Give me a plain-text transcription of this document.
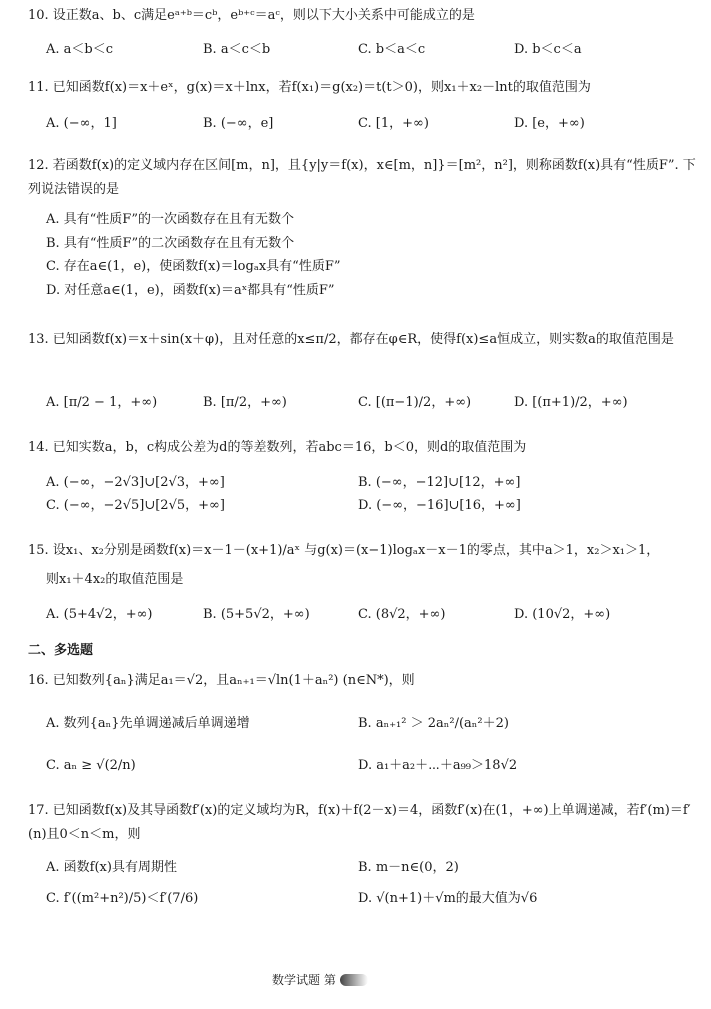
10. 设正数a、b、c满足eᵃ⁺ᵇ＝cᵇ，eᵇ⁺ᶜ＝aᶜ，则以下大小关系中可能成立的是
A. a＜b＜c	B. a＜c＜b	C. b＜a＜c	D. b＜c＜a
11. 已知函数f(x)＝x＋eˣ，g(x)＝x＋lnx，若f(x₁)＝g(x₂)＝t(t＞0)，则x₁＋x₂－lnt的取值范围为
A. (−∞，1]	B. (−∞，e]	C. [1，+∞)	D. [e，+∞)
12. 若函数f(x)的定义域内存在区间[m，n]，且{y|y＝f(x)，x∈[m，n]}＝[m²，n²]，则称函数f(x)具有“性质F”. 下列说法错误的是
A. 具有“性质F”的一次函数存在且有无数个
B. 具有“性质F”的二次函数存在且有无数个
C. 存在a∈(1，e)，使函数f(x)＝logₐx具有“性质F”
D. 对任意a∈(1，e)，函数f(x)＝aˣ都具有“性质F”
13. 已知函数f(x)＝x＋sin(x＋φ)，且对任意的x≤π/2，都存在φ∈R，使得f(x)≤a恒成立，则实数a的取值范围是
A. [π/2 − 1，+∞)	B. [π/2，+∞)	C. [(π−1)/2，+∞)	D. [(π+1)/2，+∞)
14. 已知实数a，b，c构成公差为d的等差数列，若abc＝16，b＜0，则d的取值范围为
A. (−∞，−2√3]∪[2√3，+∞]	B. (−∞，−12]∪[12，+∞]
C. (−∞，−2√5]∪[2√5，+∞]	D. (−∞，−16]∪[16，+∞]
15. 设x₁、x₂分别是函数f(x)＝x－1－(x+1)/aˣ 与g(x)＝(x−1)logₐx－x－1的零点，其中a＞1，x₂＞x₁＞1，
则x₁＋4x₂的取值范围是
A. (5+4√2，+∞)	B. (5+5√2，+∞)	C. (8√2，+∞)	D. (10√2，+∞)
二、多选题
16. 已知数列{aₙ}满足a₁＝√2，且aₙ₊₁＝√ln(1＋aₙ²) (n∈N*)，则
A. 数列{aₙ}先单调递减后单调递增	B. aₙ₊₁² ＞ 2aₙ²/(aₙ²＋2)
C. aₙ ≥ √(2/n)	D. a₁＋a₂＋⋯＋a₉₉＞18√2
17. 已知函数f(x)及其导函数f′(x)的定义域均为R，f(x)＋f(2－x)＝4，函数f′(x)在(1，+∞)上单调递减，若f′(m)＝f′(n)且0＜n＜m，则
A. 函数f(x)具有周期性	B. m－n∈(0，2)
C. f′((m²+n²)/5)＜f′(7/6)	D. √(n+1)＋√m的最大值为√6
数学试题 第
